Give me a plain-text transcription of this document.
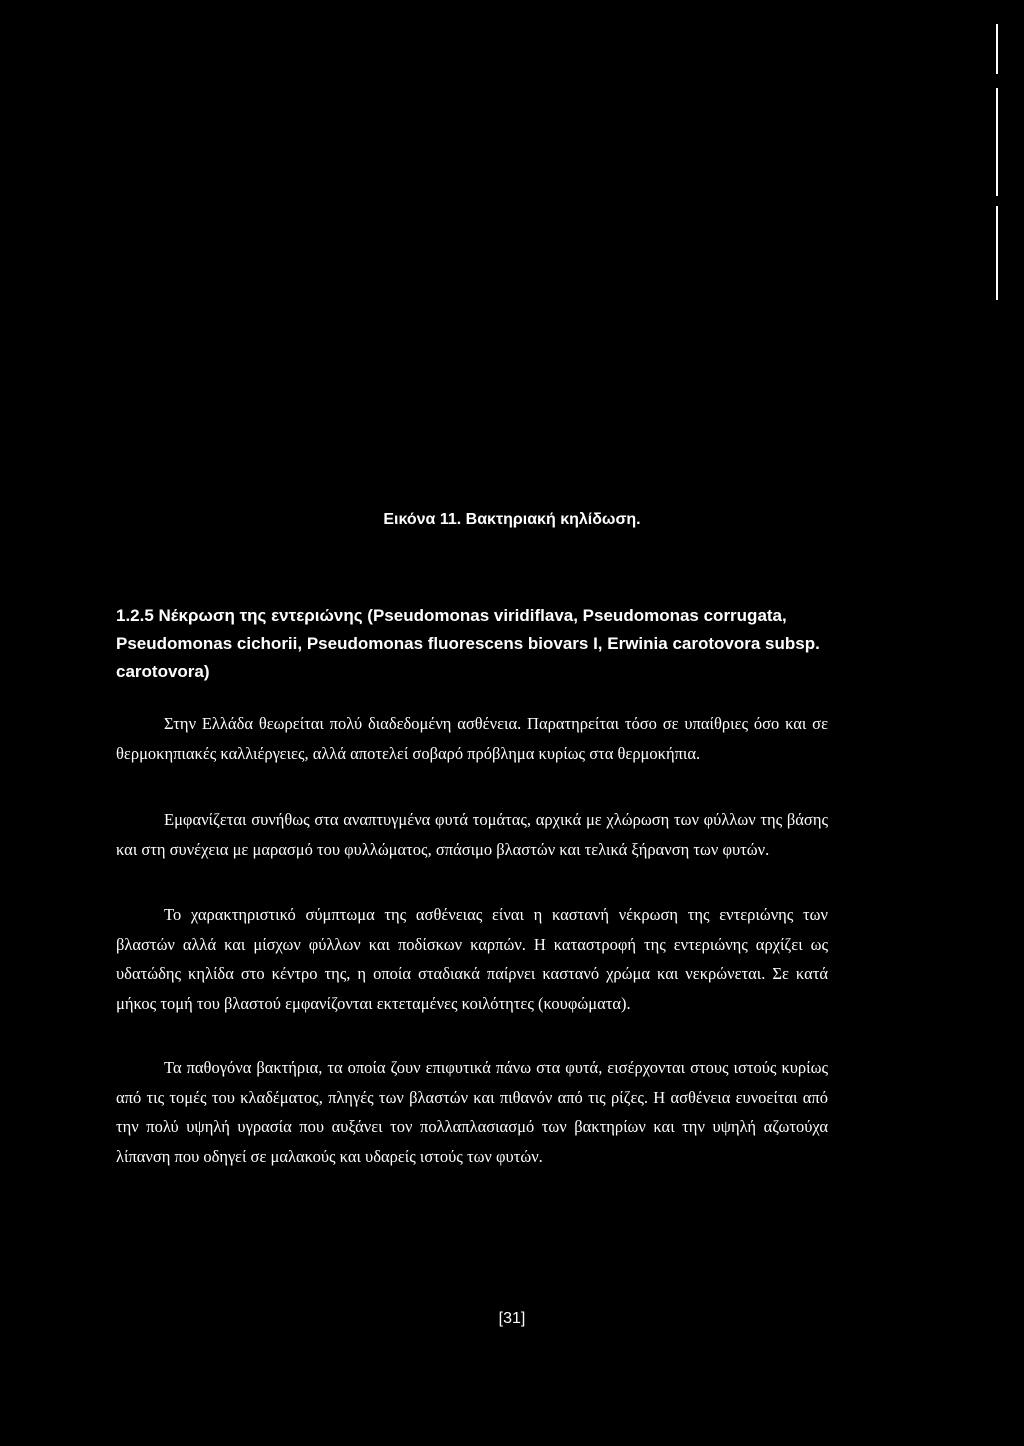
Εικόνα 11. Βακτηριακή κηλίδωση.

1.2.5 Νέκρωση της εντεριώνης (Pseudomonas viridiflava, Pseudomonas corrugata, Pseudomonas cichorii, Pseudomonas fluorescens biovars I, Erwinia carotovora subsp. carotovora)

Στην Ελλάδα θεωρείται πολύ διαδεδομένη ασθένεια. Παρατηρείται τόσο σε υπαίθριες όσο και σε θερμοκηπιακές καλλιέργειες, αλλά αποτελεί σοβαρό πρόβλημα κυρίως στα θερμοκήπια.

Εμφανίζεται συνήθως στα αναπτυγμένα φυτά τομάτας, αρχικά με χλώρωση των φύλλων της βάσης και στη συνέχεια με μαρασμό του φυλλώματος, σπάσιμο βλαστών και τελικά ξήρανση των φυτών.

Το χαρακτηριστικό σύμπτωμα της ασθένειας είναι η καστανή νέκρωση της εντεριώνης των βλαστών αλλά και μίσχων φύλλων και ποδίσκων καρπών. Η καταστροφή της εντεριώνης αρχίζει ως υδατώδης κηλίδα στο κέντρο της, η οποία σταδιακά παίρνει καστανό χρώμα και νεκρώνεται. Σε κατά μήκος τομή του βλαστού εμφανίζονται εκτεταμένες κοιλότητες (κουφώματα).

Τα παθογόνα βακτήρια, τα οποία ζουν επιφυτικά πάνω στα φυτά, εισέρχονται στους ιστούς κυρίως από τις τομές του κλαδέματος, πληγές των βλαστών και πιθανόν από τις ρίζες. Η ασθένεια ευνοείται από την πολύ υψηλή υγρασία που αυξάνει τον πολλαπλασιασμό των βακτηρίων και την υψηλή αζωτούχα λίπανση που οδηγεί σε μαλακούς και υδαρείς ιστούς των φυτών.

[31]
